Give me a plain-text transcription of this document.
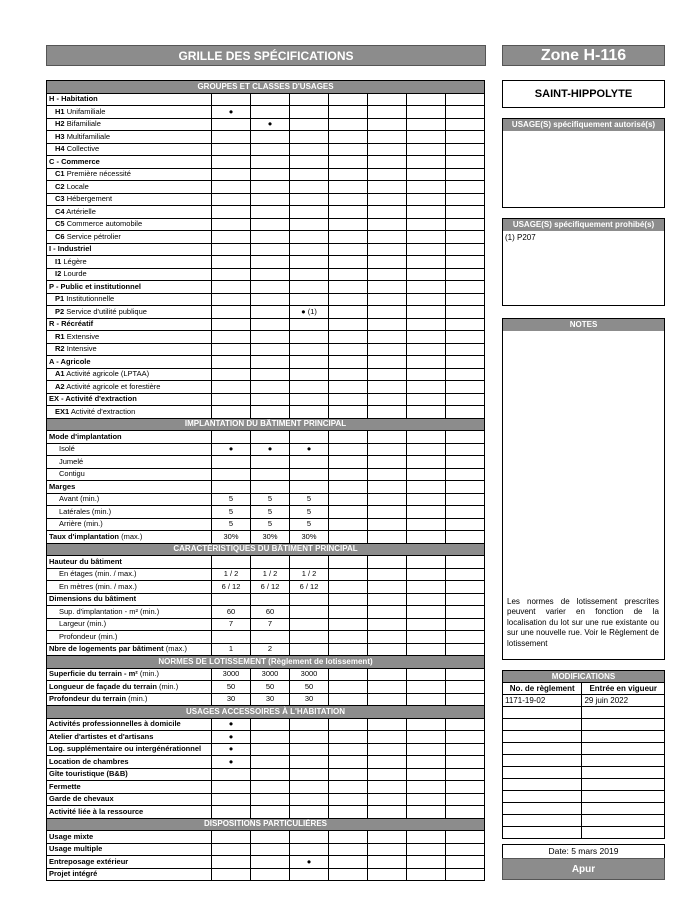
GRILLE DES SPÉCIFICATIONS	Zone H-116
SAINT-HIPPOLYTE
USAGE(S) spécifiquement autorisé(s)
USAGE(S) spécifiquement prohibé(s)
(1) P207
NOTES
Les normes de lotissement prescrites peuvent varier en fonction de la localisation du lot sur une rue existante ou sur une nouvelle rue. Voir le Règlement de lotissement
MODIFICATIONS	
No. de règlement	Entrée en vigueur
1171-19-02	29 juin 2022

Date: 5 mars 2019
Apur
GROUPES ET CLASSES D'USAGES								
H - Habitation								
H1 Unifamiliale	●							
H2 Bifamiliale		●						
H3 Multifamiliale								
H4 Collective								
C - Commerce								
C1 Première nécessité								
C2 Locale								
C3 Hébergement								
C4 Artérielle								
C5 Commerce automobile								
C6 Service pétrolier								
I - Industriel								
I1 Légère								
I2 Lourde								
P - Public et institutionnel								
P1 Institutionnelle								
P2 Service d'utilité publique			● (1)					
R - Récréatif								
R1 Extensive								
R2 Intensive								
A - Agricole								
A1 Activité agricole (LPTAA)								
A2 Activité agricole et forestière								
EX - Activité d'extraction								
EX1 Activité d'extraction								
IMPLANTATION DU BÂTIMENT PRINCIPAL								
Mode d'implantation								
Isolé	●	●	●					
Jumelé								
Contigu								
Marges								
Avant (min.)	5	5	5					
Latérales (min.)	5	5	5					
Arrière (min.)	5	5	5					
Taux d'implantation (max.)	30%	30%	30%					
CARACTÉRISTIQUES DU BÂTIMENT PRINCIPAL								
Hauteur du bâtiment								
En étages (min. / max.)	1 / 2	1 / 2	1 / 2					
En mètres (min. / max.)	6 / 12	6 / 12	6 / 12					
Dimensions du bâtiment								
Sup. d'implantation - m² (min.)	60	60						
Largeur (min.)	7	7						
Profondeur (min.)								
Nbre de logements par bâtiment (max.)	1	2						
NORMES DE LOTISSEMENT (Règlement de lotissement)								
Superficie du terrain - m² (min.)	3000	3000	3000					
Longueur de façade du terrain (min.)	50	50	50					
Profondeur du terrain (min.)	30	30	30					
USAGES ACCESSOIRES À L'HABITATION								
Activités professionnelles à domicile	●							
Atelier d'artistes et d'artisans	●							
Log. supplémentaire ou intergénérationnel	●							
Location de chambres	●							
Gîte touristique (B&B)								
Fermette								
Garde de chevaux								
Activité liée à la ressource								
DISPOSITIONS PARTICULIÈRES								
Usage mixte								
Usage multiple								
Entreposage extérieur			●					
Projet intégré								
